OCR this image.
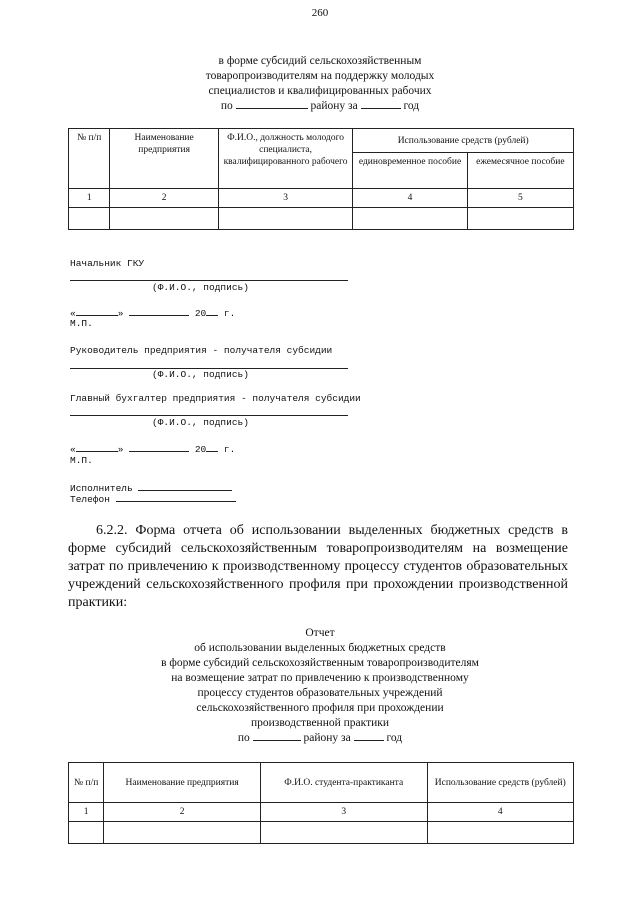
260
в форме субсидий сельскохозяйственным
товаропроизводителям на поддержку молодых
специалистов и квалифицированных рабочих
по	району за	год
№ п/п	Наименование предприятия	Ф.И.О., должность молодого специалиста, квалифицированного рабочего	Использование средств (рублей)	
			единовременное пособие	ежемесячное пособие
1	2	3	4	5

Начальник ГКУ
(Ф.И.О., подпись)
«	»	20 г.
М.П.
Руководитель предприятия - получателя субсидии
(Ф.И.О., подпись)
Главный бухгалтер предприятия - получателя субсидии
(Ф.И.О., подпись)
«	»	20 г.
М.П.
Исполнитель
Телефон
6.2.2. Форма отчета об использовании выделенных бюджетных средств в форме субсидий сельскохозяйственным товаропроизводителям на возмещение затрат по привлечению к производственному процессу студентов образовательных учреждений сельскохозяйственного профиля при прохождении производственной практики:
Отчет
об использовании выделенных бюджетных средств
в форме субсидий сельскохозяйственным товаропроизводителям
на возмещение затрат по привлечению к производственному
процессу студентов образовательных учреждений
сельскохозяйственного профиля при прохождении
производственной практики
по	району за	год
№ п/п	Наименование предприятия	Ф.И.О. студента-практиканта	Использование средств (рублей)
1	2	3	4
